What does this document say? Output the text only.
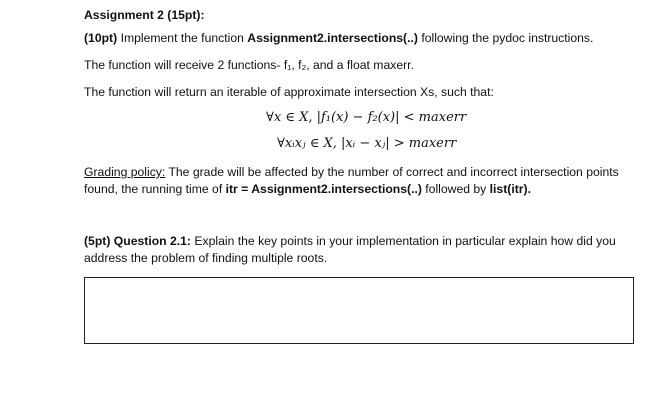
Assignment 2 (15pt):
(10pt) Implement the function Assignment2.intersections(..) following the pydoc instructions.
The function will receive 2 functions- f₁, f₂, and a float maxerr.
The function will return an iterable of approximate intersection Xs, such that:
∀x ∈ X, |f₁(x) − f₂(x)| < maxerr
∀xᵢxⱼ ∈ X, |xᵢ − xⱼ| > maxerr
Grading policy: The grade will be affected by the number of correct and incorrect intersection points
found, the running time of itr = Assignment2.intersections(..) followed by list(itr).
(5pt) Question 2.1: Explain the key points in your implementation in particular explain how did you
address the problem of finding multiple roots.
